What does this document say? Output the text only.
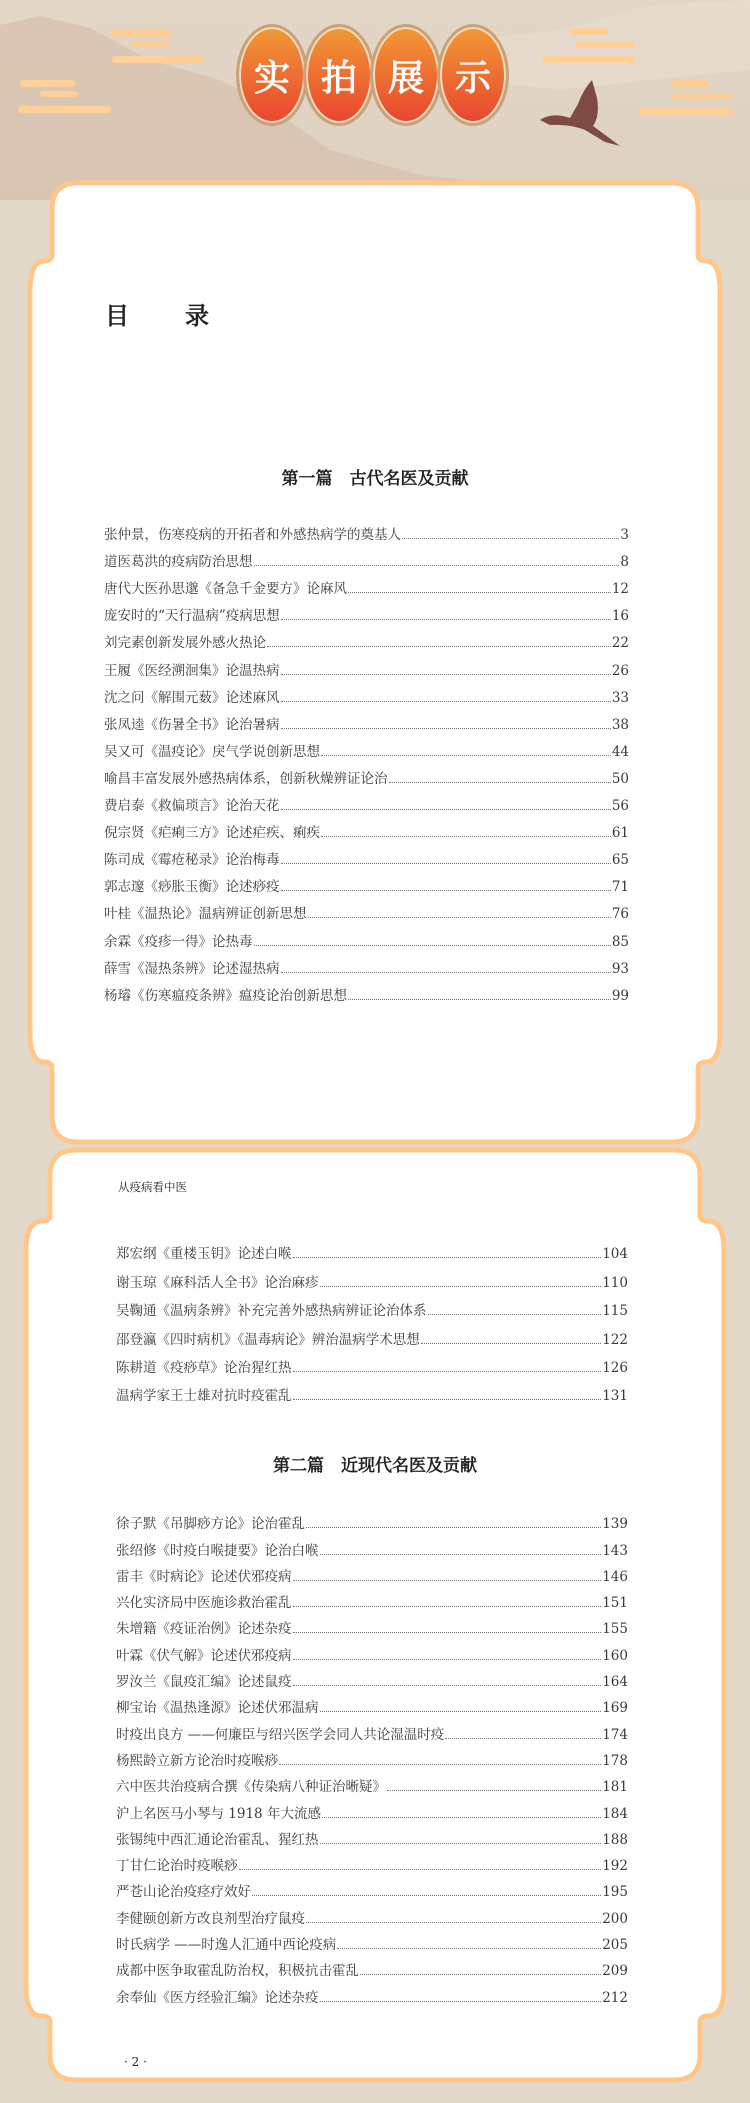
实 拍 展 示
目 录
第一篇　古代名医及贡献
张仲景，伤寒疫病的开拓者和外感热病学的奠基人	3
道医葛洪的疫病防治思想	8
唐代大医孙思邈《备急千金要方》论麻风	12
庞安时的“天行温病”疫病思想	16
刘完素创新发展外感火热论	22
王履《医经溯洄集》论温热病	26
沈之问《解围元薮》论述麻风	33
张凤逵《伤暑全书》论治暑病	38
吴又可《温疫论》戾气学说创新思想	44
喻昌丰富发展外感热病体系，创新秋燥辨证论治	50
费启泰《救偏琐言》论治天花	56
倪宗贤《疟痢三方》论述疟疾、痢疾	61
陈司成《霉疮秘录》论治梅毒	65
郭志邃《痧胀玉衡》论述痧疫	71
叶桂《温热论》温病辨证创新思想	76
余霖《疫疹一得》论热毒	85
薛雪《湿热条辨》论述湿热病	93
杨璿《伤寒瘟疫条辨》瘟疫论治创新思想	99
从疫病看中医
郑宏纲《重楼玉钥》论述白喉	104
谢玉琼《麻科活人全书》论治麻疹	110
吴鞠通《温病条辨》补充完善外感热病辨证论治体系	115
邵登瀛《四时病机》《温毒病论》辨治温病学术思想	122
陈耕道《疫痧草》论治猩红热	126
温病学家王士雄对抗时疫霍乱	131
第二篇　近现代名医及贡献
徐子默《吊脚痧方论》论治霍乱	139
张绍修《时疫白喉捷要》论治白喉	143
雷丰《时病论》论述伏邪疫病	146
兴化实济局中医施诊救治霍乱	151
朱增籍《疫证治例》论述杂疫	155
叶霖《伏气解》论述伏邪疫病	160
罗汝兰《鼠疫汇编》论述鼠疫	164
柳宝诒《温热逢源》论述伏邪温病	169
时疫出良方 ——何廉臣与绍兴医学会同人共论湿温时疫	174
杨熙龄立新方论治时疫喉痧	178
六中医共治疫病合撰《传染病八种证治晰疑》	181
沪上名医马小琴与 1918 年大流感	184
张锡纯中西汇通论治霍乱、猩红热	188
丁甘仁论治时疫喉痧	192
严苍山论治疫痉疗效好	195
李健颐创新方改良剂型治疗鼠疫	200
时氏病学 ——时逸人汇通中西论疫病	205
成都中医争取霍乱防治权，积极抗击霍乱	209
余奉仙《医方经验汇编》论述杂疫	212
· 2 ·
